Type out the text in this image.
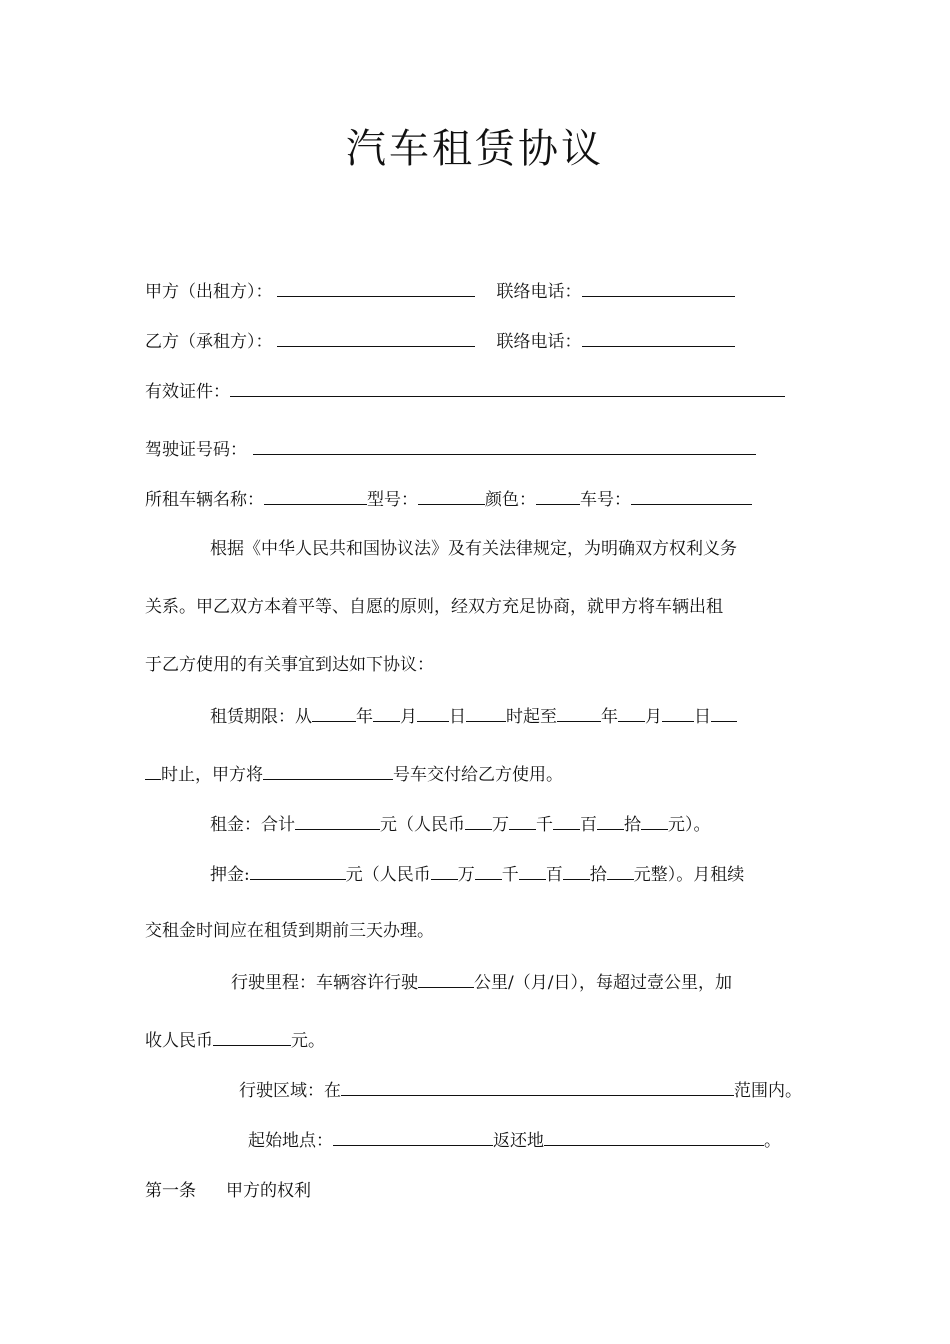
汽车租赁协议
甲方（出租方）：	联络电话：
乙方（承租方）：	联络电话：
有效证件：
驾驶证号码：
所租车辆名称：	型号：	颜色：	车号：
根据《中华人民共和国协议法》及有关法律规定，为明确双方权利义务
关系。甲乙双方本着平等、自愿的原则，经双方充足协商，就甲方将车辆出租
于乙方使用的有关事宜到达如下协议：
租赁期限：从	年 月 日 时起至	年 月 日
时止，甲方将	号车交付给乙方使用。
租金：合计	元（人民币 万 千 百 拾 元）。
押金:	元（人民币 万 千 百 拾 元整）。月租续
交租金时间应在租赁到期前三天办理。
行驶里程：车辆容许行驶	公里/（月/日），每超过壹公里，加
收人民币	元。
行驶区域：在	范围内。
起始地点：	返还地	。
第一条 甲方的权利
